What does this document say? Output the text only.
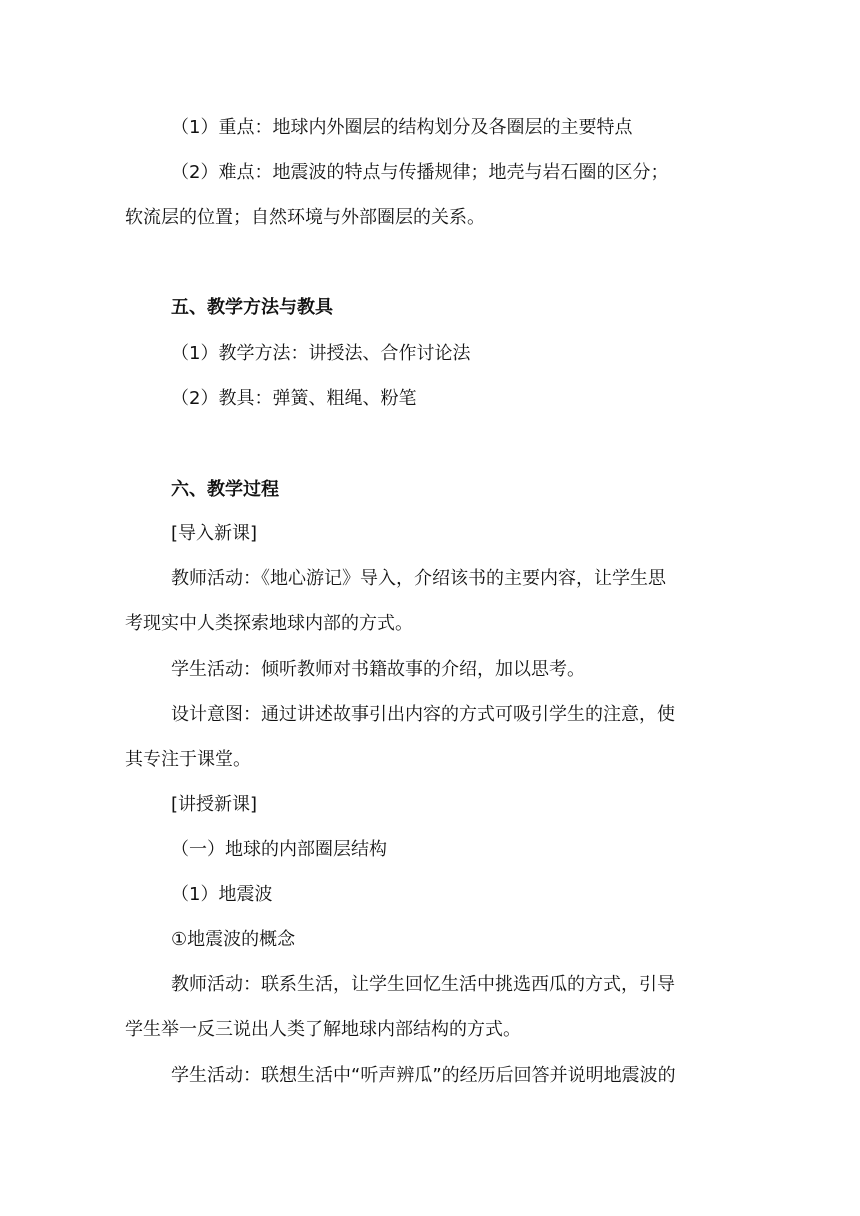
（1）重点：地球内外圈层的结构划分及各圈层的主要特点
（2）难点：地震波的特点与传播规律；地壳与岩石圈的区分；
软流层的位置；自然环境与外部圈层的关系。
五、教学方法与教具
（1）教学方法：讲授法、合作讨论法
（2）教具：弹簧、粗绳、粉笔
六、教学过程
[导入新课]
教师活动：《地心游记》导入，介绍该书的主要内容，让学生思
考现实中人类探索地球内部的方式。
学生活动：倾听教师对书籍故事的介绍，加以思考。
设计意图：通过讲述故事引出内容的方式可吸引学生的注意，使
其专注于课堂。
[讲授新课]
（一）地球的内部圈层结构
（1）地震波
①地震波的概念
教师活动：联系生活，让学生回忆生活中挑选西瓜的方式，引导
学生举一反三说出人类了解地球内部结构的方式。
学生活动：联想生活中“听声辨瓜”的经历后回答并说明地震波的
